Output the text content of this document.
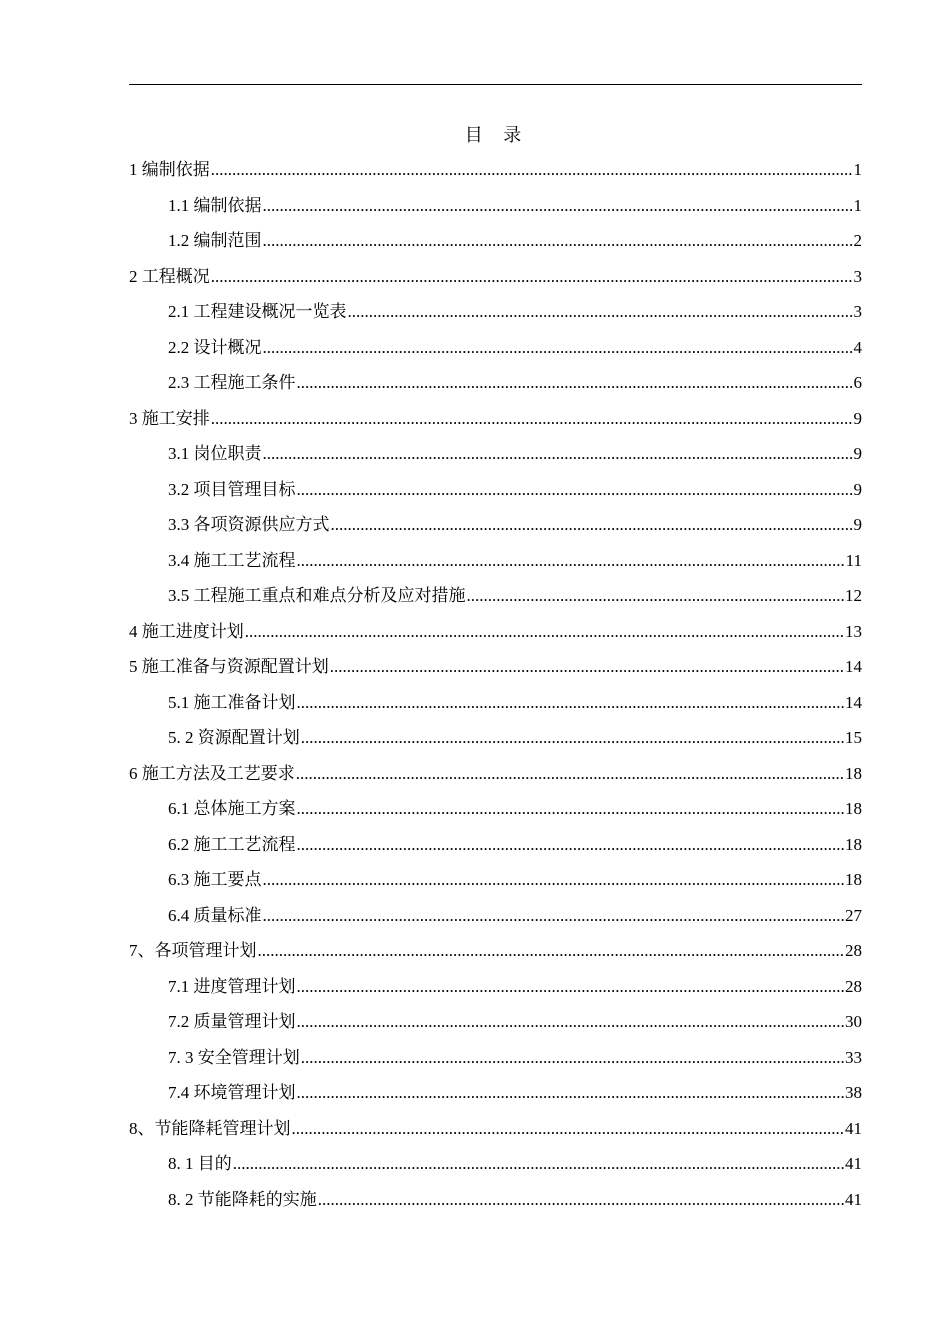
目 录
1 编制依据 .....	1
1.1 编制依据 .....	1
1.2 编制范围 .....	2
2 工程概况 .....	3
2.1 工程建设概况一览表 .....	3
2.2 设计概况 .....	4
2.3 工程施工条件 .....	6
3 施工安排 .....	9
3.1 岗位职责 .....	9
3.2 项目管理目标 .....	9
3.3 各项资源供应方式 .....	9
3.4 施工工艺流程 .....	11
3.5 工程施工重点和难点分析及应对措施 .....	12
4 施工进度计划 .....	13
5 施工准备与资源配置计划 .....	14
5.1 施工准备计划 .....	14
5. 2 资源配置计划 .....	15
6 施工方法及工艺要求 .....	18
6.1 总体施工方案 .....	18
6.2 施工工艺流程 .....	18
6.3 施工要点 .....	18
6.4 质量标准 .....	27
7、各项管理计划 .....	28
7.1 进度管理计划 .....	28
7.2 质量管理计划 .....	30
7. 3 安全管理计划 .....	33
7.4 环境管理计划 .....	38
8、节能降耗管理计划 .....	41
8. 1 目的 .....	41
8. 2 节能降耗的实施 .....	41
